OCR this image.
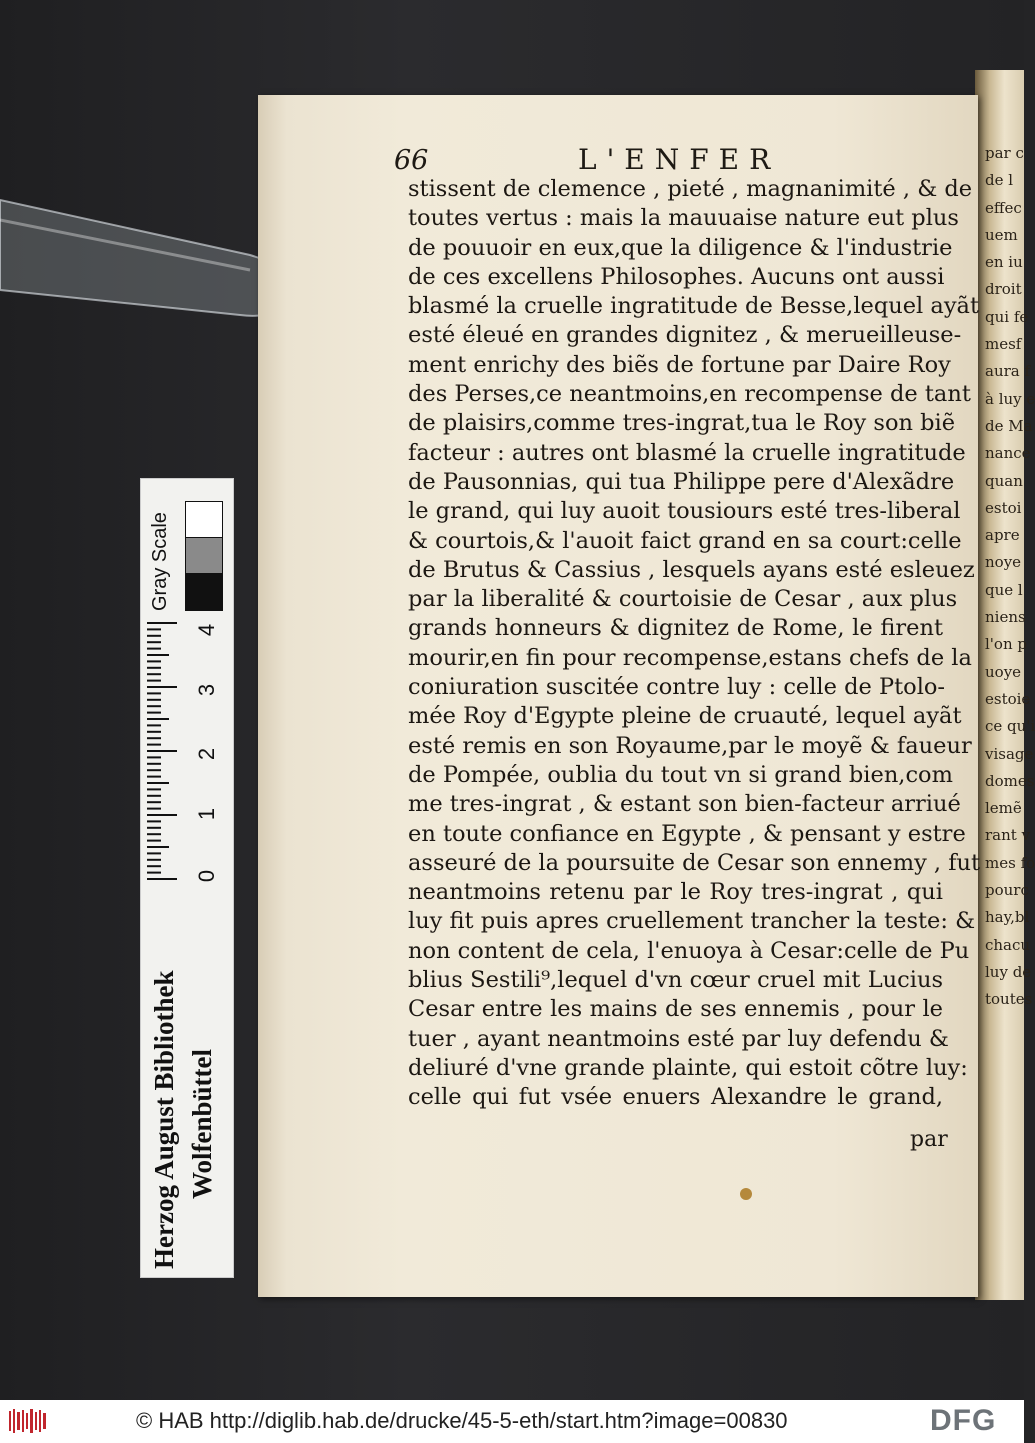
par c
de l
effec
uem
en iu
droit
qui fe
mesf
aura f
à luy e
de Ma
nance
quan
estoi
apre
noye
que l
niens
l'on p
uoye
estoie
ce qu'i
visage
domes
lemẽ
rant v
mes fo
pourc
hay,bl
chacu
luy de
toutes
66	L'ENFER
stissent de clemence , pieté , magnanimité , & de
toutes vertus : mais la mauuaise nature eut plus
de pouuoir en eux,que la diligence & l'industrie
de ces excellens Philosophes. Aucuns ont aussi
blasmé la cruelle ingratitude de Besse,lequel ayãt
esté éleué en grandes dignitez , & merueilleuse-
ment enrichy des biẽs de fortune par Daire Roy
des Perses,ce neantmoins,en recompense de tant
de plaisirs,comme tres-ingrat,tua le Roy son biẽ
facteur : autres ont blasmé la cruelle ingratitude
de Pausonnias, qui tua Philippe pere d'Alexãdre
le grand, qui luy auoit tousiours esté tres-liberal
& courtois,& l'auoit faict grand en sa court:celle
de Brutus & Cassius , lesquels ayans esté esleuez
par la liberalité & courtoisie de Cesar , aux plus
grands honneurs & dignitez de Rome, le firent
mourir,en fin pour recompense,estans chefs de la
coniuration suscitée contre luy : celle de Ptolo-
mée Roy d'Egypte pleine de cruauté, lequel ayãt
esté remis en son Royaume,par le moyẽ & faueur
de Pompée, oublia du tout vn si grand bien,com
me tres-ingrat , & estant son bien-facteur arriué
en toute confiance en Egypte , & pensant y estre
asseuré de la poursuite de Cesar son ennemy , fut
neantmoins retenu par le Roy tres-ingrat , qui
luy fit puis apres cruellement trancher la teste: &
non content de cela, l'enuoya à Cesar:celle de Pu
blius Sestili⁹,lequel d'vn cœur cruel mit Lucius
Cesar entre les mains de ses ennemis , pour le
tuer , ayant neantmoins esté par luy defendu &
deliuré d'vne grande plainte, qui estoit cõtre luy:
celle qui fut vsée enuers Alexandre le grand,
par
Gray Scale
4
3
2
1
0
Herzog August Bibliothek Wolfenbüttel
© HAB http://diglib.hab.de/drucke/45-5-eth/start.htm?image=00830	DFG
